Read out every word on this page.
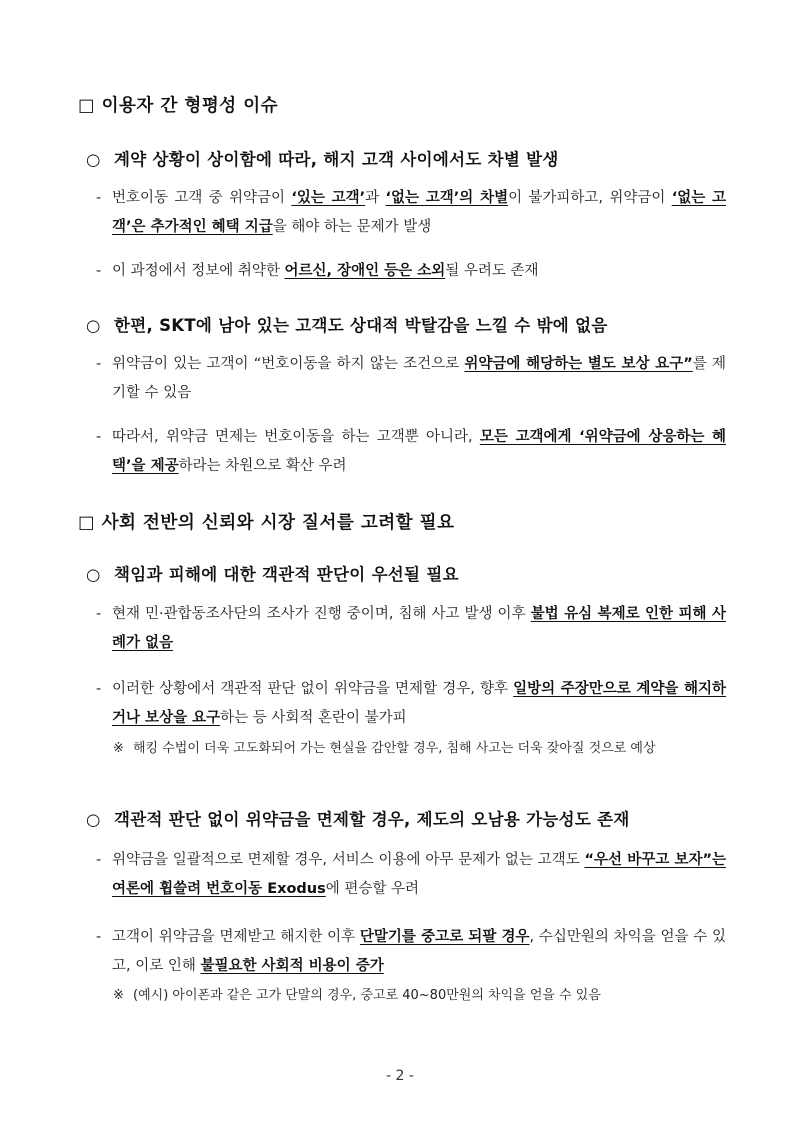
□ 이용자 간 형평성 이슈
○ 계약 상황이 상이함에 따라, 해지 고객 사이에서도 차별 발생
- 번호이동 고객 중 위약금이 ‘있는 고객’과 ‘없는 고객’의 차별이 불가피하고, 위약금이 ‘없는 고객’은 추가적인 혜택 지급을 해야 하는 문제가 발생
- 이 과정에서 정보에 취약한 어르신, 장애인 등은 소외될 우려도 존재
○ 한편, SKT에 남아 있는 고객도 상대적 박탈감을 느낄 수 밖에 없음
- 위약금이 있는 고객이 “번호이동을 하지 않는 조건으로 위약금에 해당하는 별도 보상 요구”를 제기할 수 있음
- 따라서, 위약금 면제는 번호이동을 하는 고객뿐 아니라, 모든 고객에게 ‘위약금에 상응하는 혜택’을 제공하라는 차원으로 확산 우려
□ 사회 전반의 신뢰와 시장 질서를 고려할 필요
○ 책임과 피해에 대한 객관적 판단이 우선될 필요
- 현재 민·관합동조사단의 조사가 진행 중이며, 침해 사고 발생 이후 불법 유심 복제로 인한 피해 사례가 없음
- 이러한 상황에서 객관적 판단 없이 위약금을 면제할 경우, 향후 일방의 주장만으로 계약을 해지하거나 보상을 요구하는 등 사회적 혼란이 불가피
※ 해킹 수법이 더욱 고도화되어 가는 현실을 감안할 경우, 침해 사고는 더욱 잦아질 것으로 예상
○ 객관적 판단 없이 위약금을 면제할 경우, 제도의 오남용 가능성도 존재
- 위약금을 일괄적으로 면제할 경우, 서비스 이용에 아무 문제가 없는 고객도 “우선 바꾸고 보자”는 여론에 휩쓸려 번호이동 Exodus에 편승할 우려
- 고객이 위약금을 면제받고 해지한 이후 단말기를 중고로 되팔 경우, 수십만원의 차익을 얻을 수 있고, 이로 인해 불필요한 사회적 비용이 증가
※ (예시) 아이폰과 같은 고가 단말의 경우, 중고로 40~80만원의 차익을 얻을 수 있음
- 2 -
